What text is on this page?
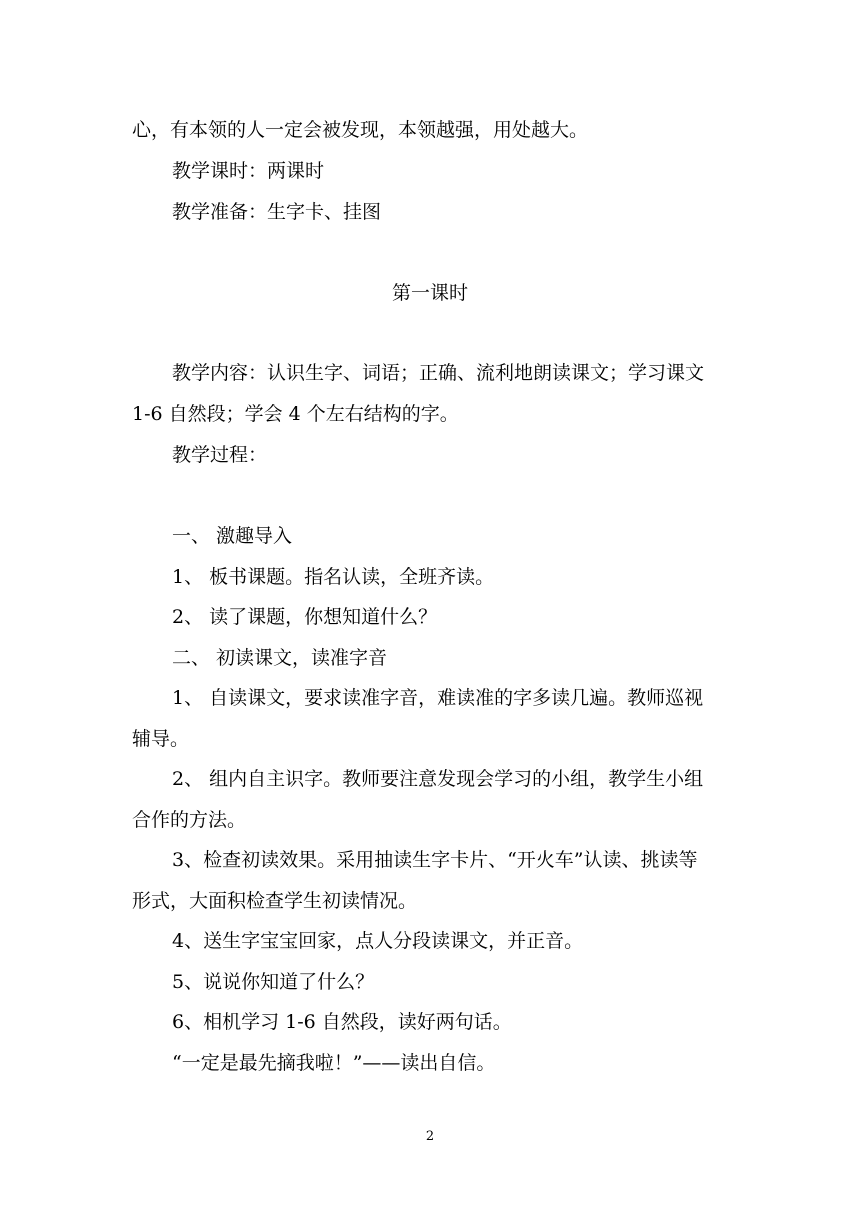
心，有本领的人一定会被发现，本领越强，用处越大。
教学课时：两课时
教学准备：生字卡、挂图
第一课时
教学内容：认识生字、词语；正确、流利地朗读课文；学习课文
1-6 自然段；学会 4 个左右结构的字。
教学过程：
一、 激趣导入
1、 板书课题。指名认读，全班齐读。
2、 读了课题，你想知道什么？
二、 初读课文，读准字音
1、 自读课文，要求读准字音，难读准的字多读几遍。教师巡视
辅导。
2、 组内自主识字。教师要注意发现会学习的小组，教学生小组
合作的方法。
3、检查初读效果。采用抽读生字卡片、“开火车”认读、挑读等
形式，大面积检查学生初读情况。
4、送生字宝宝回家，点人分段读课文，并正音。
5、说说你知道了什么？
6、相机学习 1-6 自然段，读好两句话。
“一定是最先摘我啦！”——读出自信。
2
